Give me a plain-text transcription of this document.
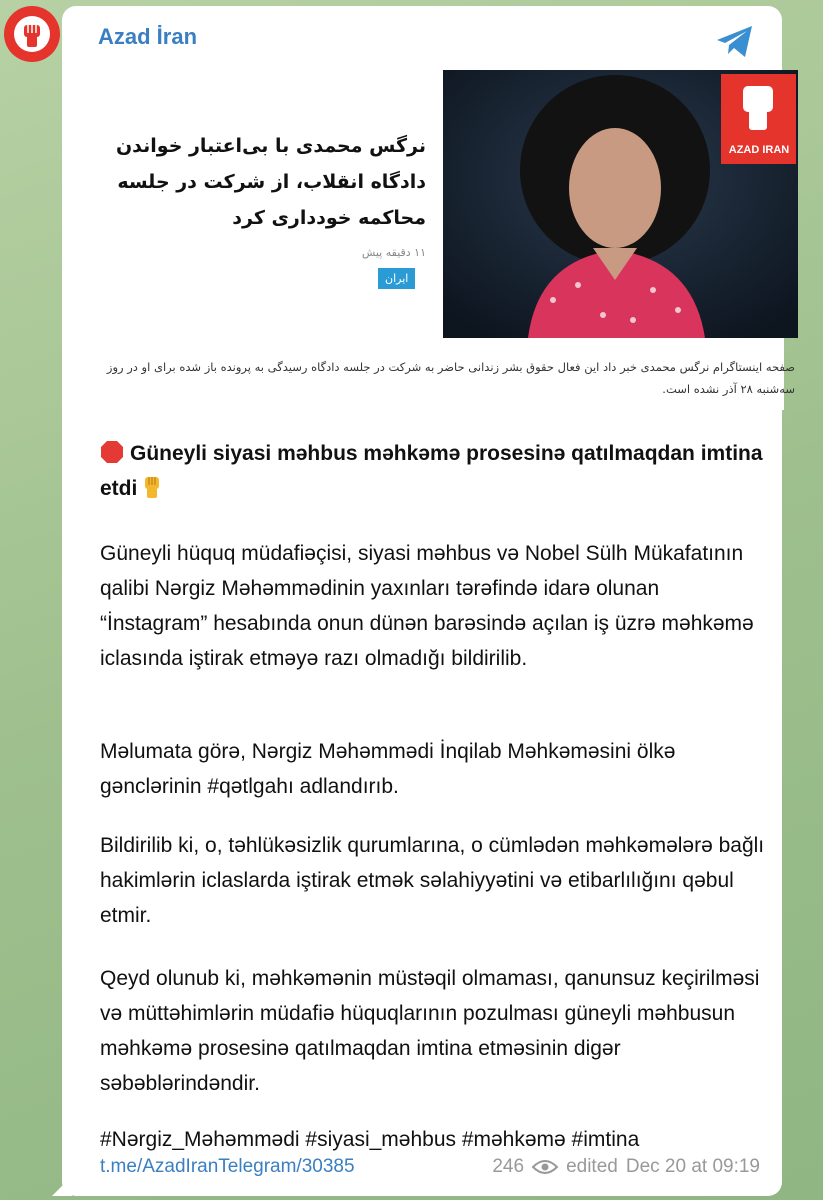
Azad İran
نرگس محمدی با بی‌اعتبار خواندن دادگاه انقلاب، از شرکت در جلسه محاکمه خودداری کرد
۱۱ دقیقه پیش
ایران
AZAD IRAN
صفحه اینستاگرام نرگس محمدی خبر داد این فعال حقوق بشر زندانی حاضر به شرکت در جلسه دادگاه رسیدگی به پرونده باز شده برای او در روز سه‌شنبه ۲۸ آذر نشده است.
Güneyli siyasi məhbus məhkəmə prosesinə qatılmaqdan imtina etdi
Güneyli hüquq müdafiəçisi, siyasi məhbus və Nobel Sülh Mükafatının qalibi Nərgiz Məhəmmədinin yaxınları tərəfində idarə olunan “İnstagram” hesabında onun dünən barəsində açılan iş üzrə məhkəmə iclasında iştirak etməyə razı olmadığı bildirilib.
Məlumata görə, Nərgiz Məhəmmədi İnqilab Məhkəməsini ölkə gənclərinin #qətlgahı adlandırıb.
Bildirilib ki, o, təhlükəsizlik qurumlarına, o cümlədən məhkəmələrə bağlı hakimlərin iclaslarda iştirak etmək səlahiyyətini və etibarlılığını qəbul etmir.
Qeyd olunub ki, məhkəmənin müstəqil olmaması, qanunsuz keçirilməsi və müttəhimlərin müdafiə hüquqlarının pozulması güneyli məhbusun məhkəmə prosesinə qatılmaqdan imtina etməsinin digər səbəblərindəndir.
#Nərgiz_Məhəmmədi #siyasi_məhbus #məhkəmə #imtina
t.me/AzadIranTelegram/30385	246 edited Dec 20 at 09:19
